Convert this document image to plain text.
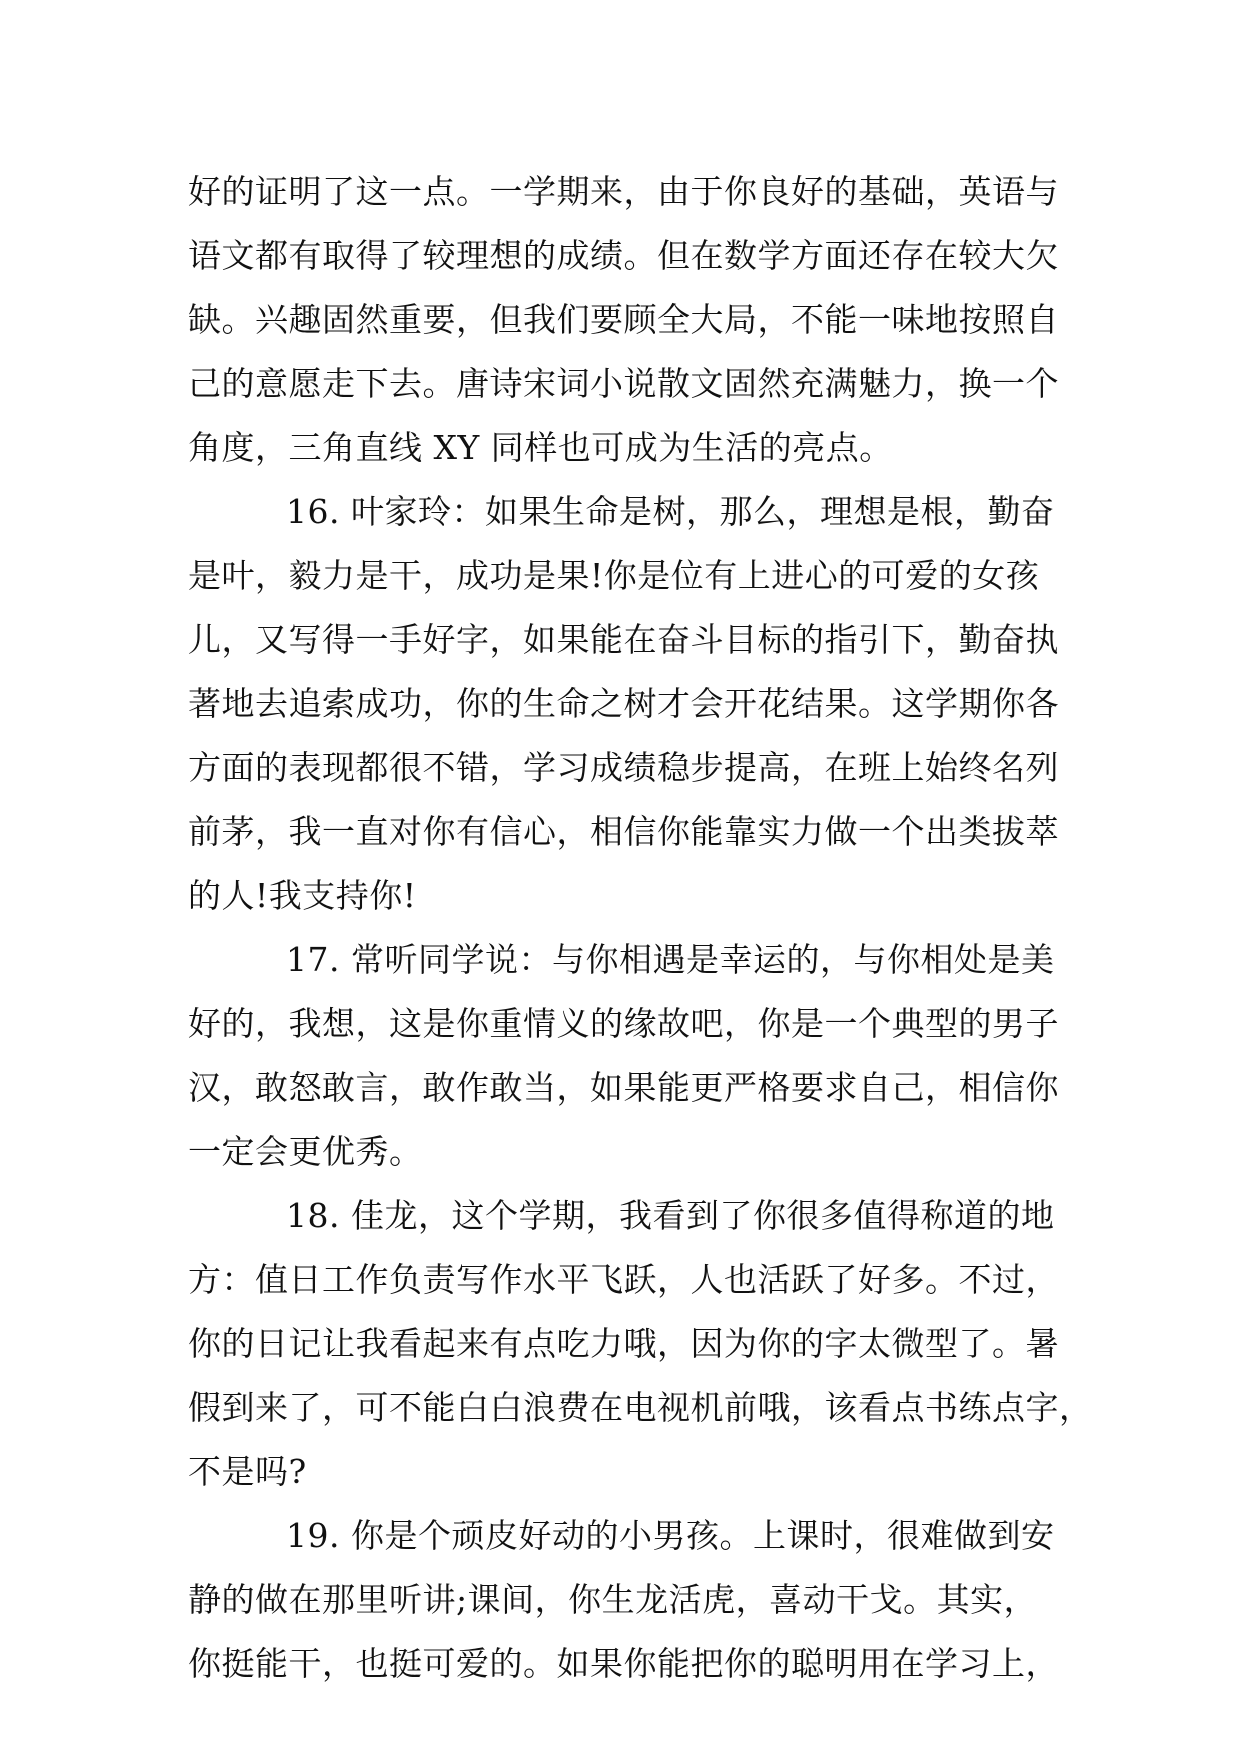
好的证明了这一点。一学期来，由于你良好的基础，英语与
语文都有取得了较理想的成绩。但在数学方面还存在较大欠
缺。兴趣固然重要，但我们要顾全大局，不能一味地按照自
己的意愿走下去。唐诗宋词小说散文固然充满魅力，换一个
角度，三角直线 XY 同样也可成为生活的亮点。
16. 叶家玲：如果生命是树，那么，理想是根，勤奋
是叶，毅力是干，成功是果!你是位有上进心的可爱的女孩
儿，又写得一手好字，如果能在奋斗目标的指引下，勤奋执
著地去追索成功，你的生命之树才会开花结果。这学期你各
方面的表现都很不错，学习成绩稳步提高，在班上始终名列
前茅，我一直对你有信心，相信你能靠实力做一个出类拔萃
的人!我支持你!
17. 常听同学说：与你相遇是幸运的，与你相处是美
好的，我想，这是你重情义的缘故吧，你是一个典型的男子
汉，敢怒敢言，敢作敢当，如果能更严格要求自己，相信你
一定会更优秀。
18. 佳龙，这个学期，我看到了你很多值得称道的地
方：值日工作负责写作水平飞跃，人也活跃了好多。不过，
你的日记让我看起来有点吃力哦，因为你的字太微型了。暑
假到来了，可不能白白浪费在电视机前哦，该看点书练点字，
不是吗?
19. 你是个顽皮好动的小男孩。上课时，很难做到安
静的做在那里听讲;课间，你生龙活虎，喜动干戈。其实，
你挺能干，也挺可爱的。如果你能把你的聪明用在学习上，
